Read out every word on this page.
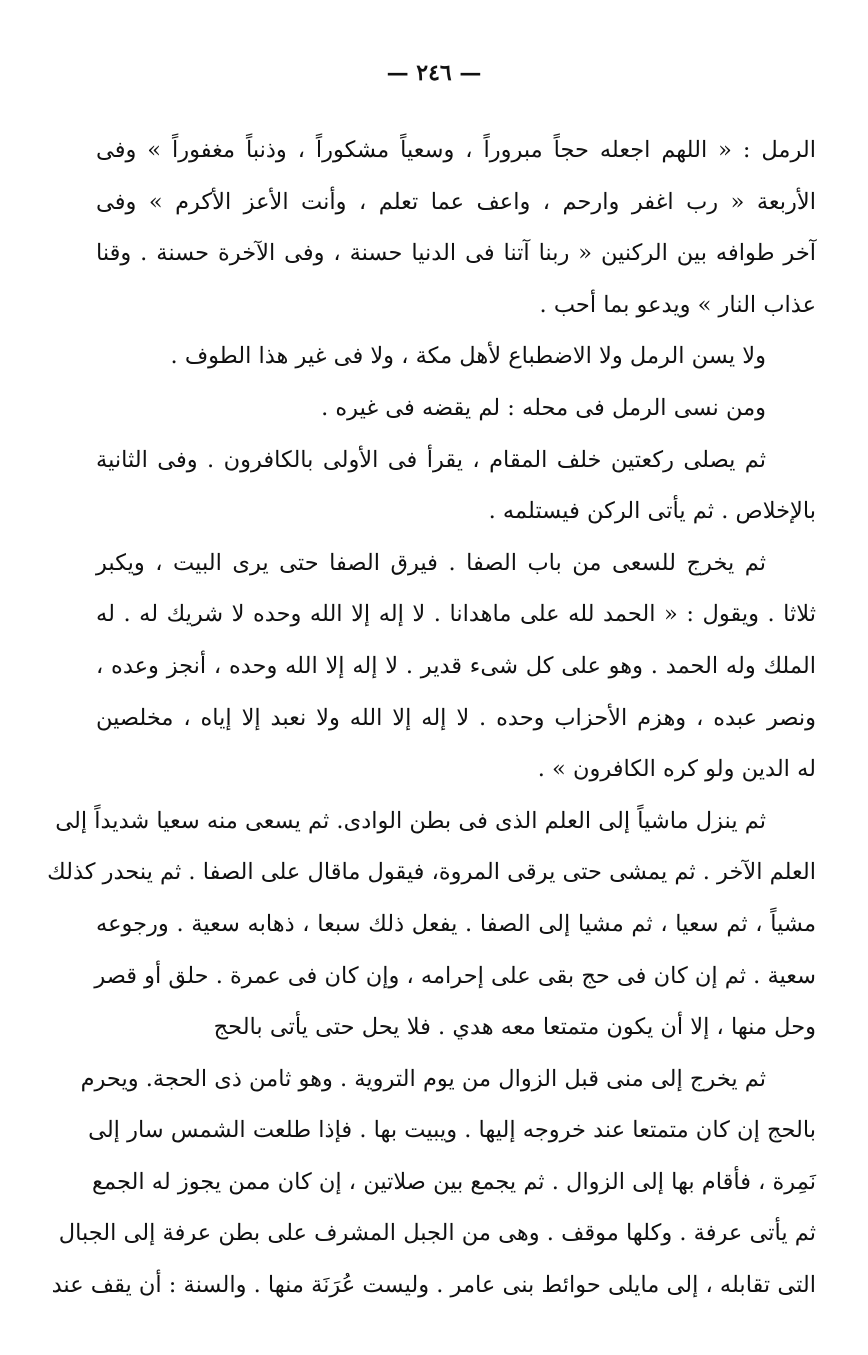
— ٢٤٦ —
الرمل : « اللهم اجعله حجاً مبروراً ، وسعياً مشكوراً ، وذنباً مغفوراً » وفى
الأربعة « رب اغفر وارحم ، واعف عما تعلم ، وأنت الأعز الأكرم » وفى
آخر طوافه بين الركنين « ربنا آتنا فى الدنيا حسنة ، وفى الآخرة حسنة . وقنا
عذاب النار » ويدعو بما أحب .
ولا يسن الرمل ولا الاضطباع لأهل مكة ، ولا فى غير هذا الطوف .
ومن نسى الرمل فى محله : لم يقضه فى غيره .
ثم يصلى ركعتين خلف المقام ، يقرأ فى الأولى بالكافرون . وفى الثانية
بالإخلاص . ثم يأتى الركن فيستلمه .
ثم يخرج للسعى من باب الصفا . فيرق الصفا حتى يرى البيت ، ويكبر
ثلاثا . ويقول : « الحمد لله على ماهدانا . لا إله إلا الله وحده لا شريك له . له
الملك وله الحمد . وهو على كل شىء قدير . لا إله إلا الله وحده ، أنجز وعده ،
ونصر عبده ، وهزم الأحزاب وحده . لا إله إلا الله ولا نعبد إلا إياه ، مخلصين
له الدين ولو كره الكافرون » .
ثم ينزل ماشياً إلى العلم الذى فى بطن الوادى. ثم يسعى منه سعيا شديداً إلى
العلم الآخر . ثم يمشى حتى يرقى المروة، فيقول ماقال على الصفا . ثم ينحدر كذلك
مشياً ، ثم سعيا ، ثم مشيا إلى الصفا . يفعل ذلك سبعا ، ذهابه سعية . ورجوعه
سعية . ثم إن كان فى حج بقى على إحرامه ، وإن كان فى عمرة . حلق أو قصر
وحل منها ، إلا أن يكون متمتعا معه هدي . فلا يحل حتى يأتى بالحج
ثم يخرج إلى منى قبل الزوال من يوم التروية . وهو ثامن ذى الحجة. ويحرم
بالحج إن كان متمتعا عند خروجه إليها . ويبيت بها . فإذا طلعت الشمس سار إلى
نَمِرة ، فأقام بها إلى الزوال . ثم يجمع بين صلاتين ، إن كان ممن يجوز له الجمع
ثم يأتى عرفة . وكلها موقف . وهى من الجبل المشرف على بطن عرفة إلى الجبال
التى تقابله ، إلى مايلى حوائط بنى عامر . وليست عُرَنَة منها . والسنة : أن يقف عند
